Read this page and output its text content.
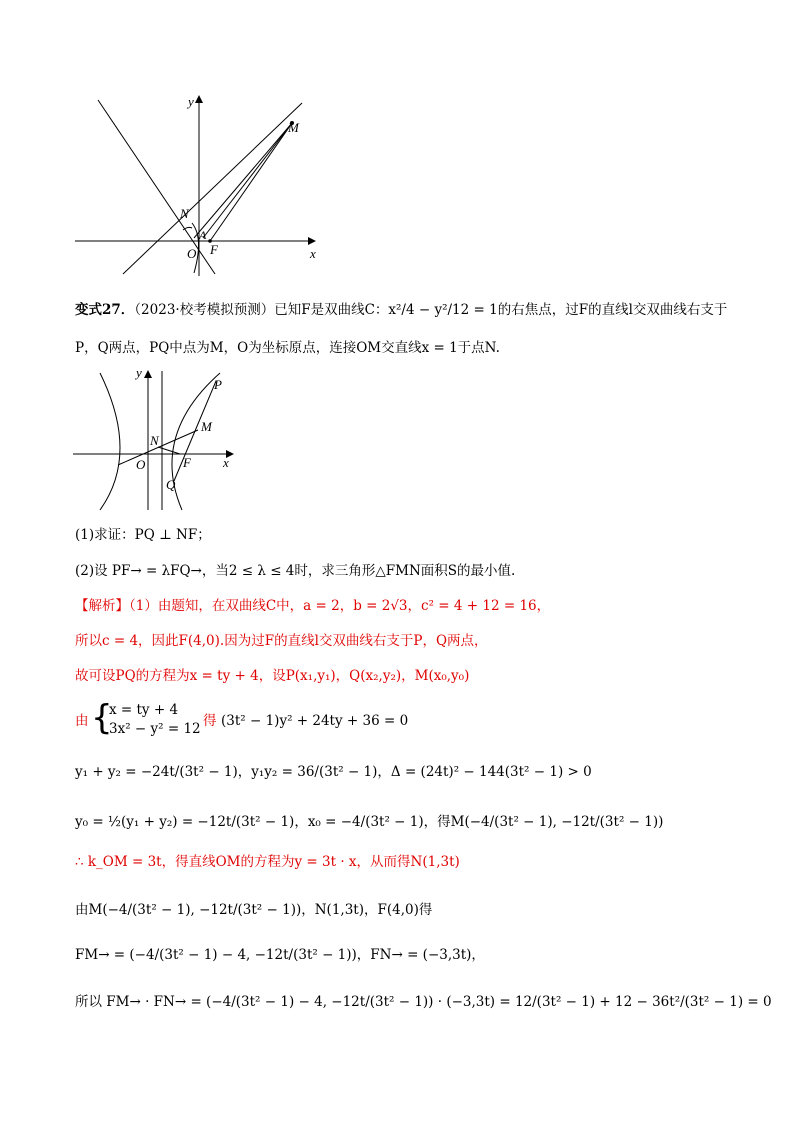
y
x
M
N
A
O F
变式27．（2023·校考模拟预测）已知F是双曲线C：x²/4 − y²/12 = 1的右焦点，过F的直线l交双曲线右支于
P，Q两点，PQ中点为M，O为坐标原点，连接OM交直线x = 1于点N.
y
x
P
M
N
O	F
Q
(1)求证：PQ ⊥ NF；
(2)设 PF→ = λFQ→，当2 ≤ λ ≤ 4时，求三角形△FMN面积S的最小值.
【解析】（1）由题知，在双曲线C中，a = 2，b = 2√3，c² = 4 + 12 = 16，
所以c = 4，因此F(4,0).因为过F的直线l交双曲线右支于P，Q两点，
故可设PQ的方程为x = ty + 4，设P(x₁,y₁)，Q(x₂,y₂)，M(x₀,y₀)
由 {
x = ty + 4
3x² − y² = 12 得 (3t² − 1)y² + 24ty + 36 = 0
y₁ + y₂ = −24t/(3t² − 1)，y₁y₂ = 36/(3t² − 1)，Δ = (24t)² − 144(3t² − 1) > 0
y₀ = ½(y₁ + y₂) = −12t/(3t² − 1)，x₀ = −4/(3t² − 1)，得M(−4/(3t² − 1), −12t/(3t² − 1))
∴ k_OM = 3t，得直线OM的方程为y = 3t · x，从而得N(1,3t)
由M(−4/(3t² − 1), −12t/(3t² − 1))，N(1,3t)，F(4,0)得
FM→ = (−4/(3t² − 1) − 4, −12t/(3t² − 1))，FN→ = (−3,3t)，
所以 FM→ · FN→ = (−4/(3t² − 1) − 4, −12t/(3t² − 1)) · (−3,3t) = 12/(3t² − 1) + 12 − 36t²/(3t² − 1) = 0
